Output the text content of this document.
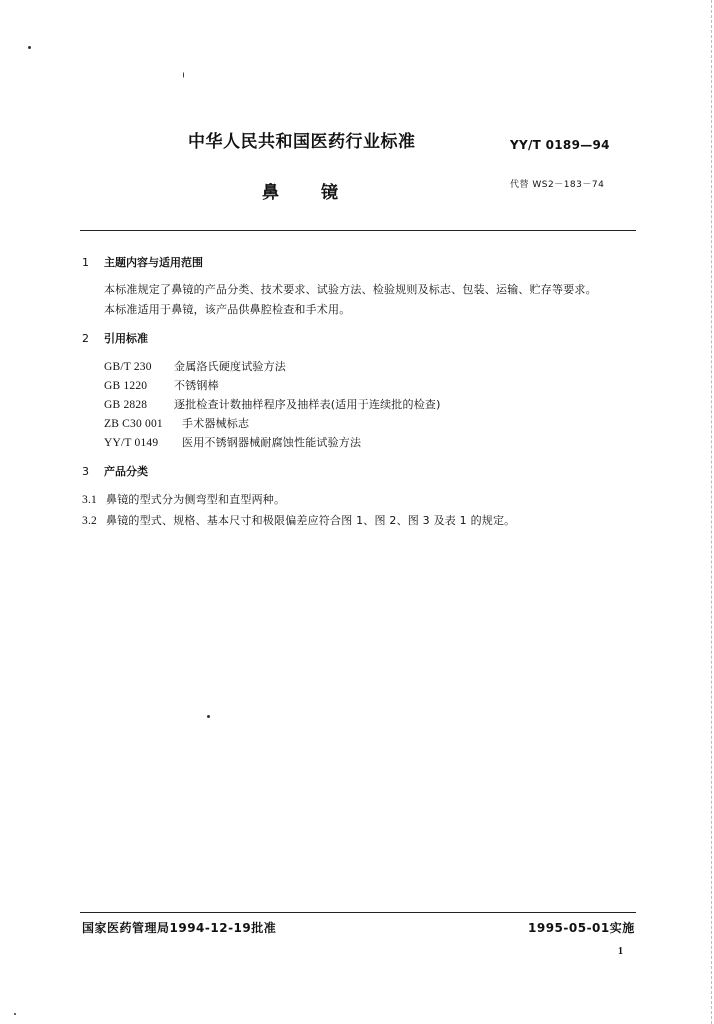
中华人民共和国医药行业标准	YY/T 0189—94
鼻镜	代替 WS2－183－74
1 主题内容与适用范围
本标准规定了鼻镜的产品分类、技术要求、试验方法、检验规则及标志、包装、运输、贮存等要求。
本标准适用于鼻镜，该产品供鼻腔检查和手术用。
2 引用标准
GB/T 230 金属洛氏硬度试验方法
GB 1220 不锈钢棒
GB 2828 逐批检查计数抽样程序及抽样表(适用于连续批的检查)
ZB C30 001 手术器械标志
YY/T 0149 医用不锈钢器械耐腐蚀性能试验方法
3 产品分类
3.1 鼻镜的型式分为侧弯型和直型两种。
3.2 鼻镜的型式、规格、基本尺寸和极限偏差应符合图 1、图 2、图 3 及表 1 的规定。
国家医药管理局1994-12-19批准	1995-05-01实施
1
